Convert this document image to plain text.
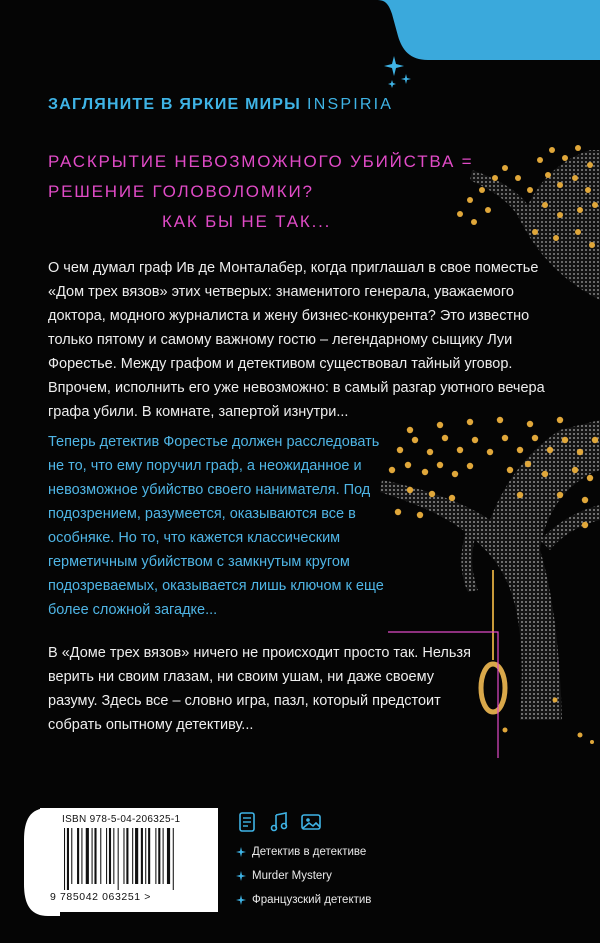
ЗАГЛЯНИТЕ В ЯРКИЕ МИРЫ INSPIRIA
РАСКРЫТИЕ НЕВОЗМОЖНОГО УБИЙСТВА =
РЕШЕНИЕ ГОЛОВОЛОМКИ?
КАК БЫ НЕ ТАК...
О чем думал граф Ив де Монталабер, когда приглашал в свое поместье «Дом трех вязов» этих четверых: знаменитого генерала, уважаемого доктора, модного журналиста и жену бизнес-конкурента? Это известно только пятому и самому важному гостю – легендарному сыщику Луи Форестье. Между графом и детективом существовал тайный уговор. Впрочем, исполнить его уже невозможно: в самый разгар уютного вечера графа убили. В комнате, запертой изнутри...
Теперь детектив Форестье должен расследовать не то, что ему поручил граф, а неожиданное и невозможное убийство своего нанимателя. Под подозрением, разумеется, оказываются все в особняке. Но то, что кажется классическим герметичным убийством с замкнутым кругом подозреваемых, оказывается лишь ключом к еще более сложной загадке...
В «Доме трех вязов» ничего не происходит просто так. Нельзя верить ни своим глазам, ни своим ушам, ни даже своему разуму. Здесь все – словно игра, пазл, который предстоит собрать опытному детективу...
ISBN 978-5-04-206325-1
9 785042 063251 >
Детектив в детективе
Murder Mystery
Французский детектив
